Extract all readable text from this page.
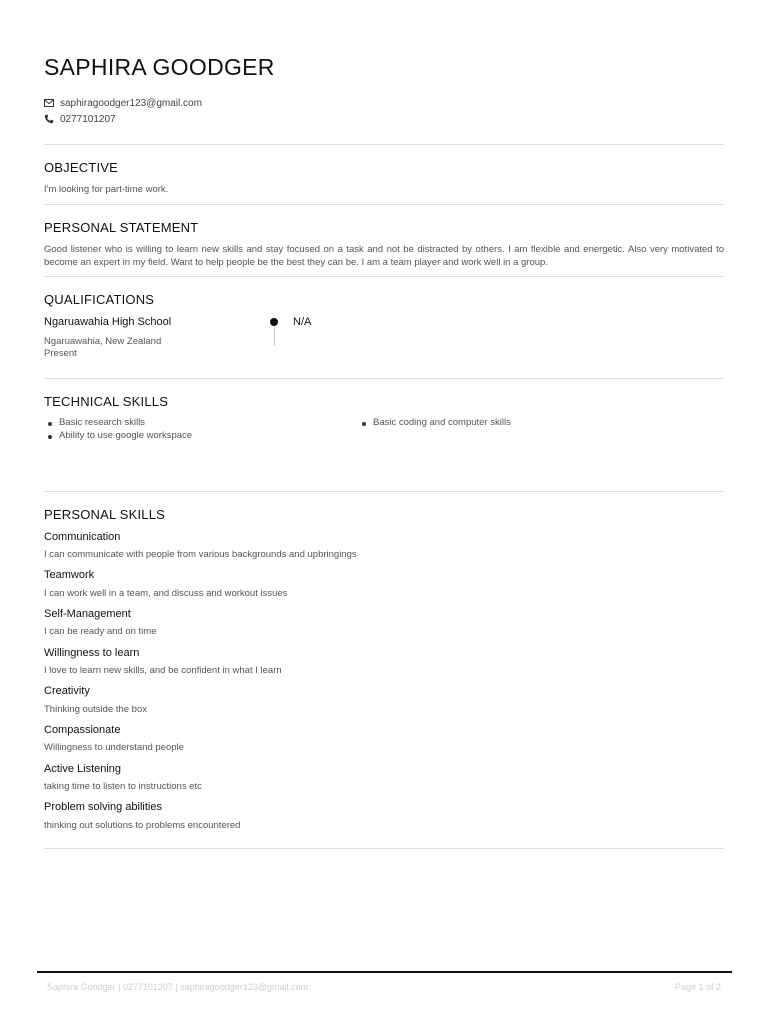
SAPHIRA GOODGER
saphiragoodger123@gmail.com
0277101207
OBJECTIVE
I'm looking for part-time work.
PERSONAL STATEMENT
Good listener who is willing to learn new skills and stay focused on a task and not be distracted by others. I am flexible and energetic. Also very motivated to become an expert in my field. Want to help people be the best they can be. I am a team player and work well in a group.
QUALIFICATIONS
Ngaruawahia High School
Ngaruawahia, New Zealand
Present
N/A
TECHNICAL SKILLS
Basic research skills
Ability to use google workspace
Basic coding and computer skills
PERSONAL SKILLS
Communication
I can communicate with people from various backgrounds and upbringings
Teamwork
I can work well in a team, and discuss and workout issues
Self-Management
I can be ready and on time
Willingness to learn
I love to learn new skills, and be confident in what I learn
Creativity
Thinking outside the box
Compassionate
Willingness to understand people
Active Listening
taking time to listen to instructions etc
Problem solving abilities
thinking out solutions to problems encountered
Saphira Goodger | 0277101207 | saphiragoodger123@gmail.com	Page 1 of 2
